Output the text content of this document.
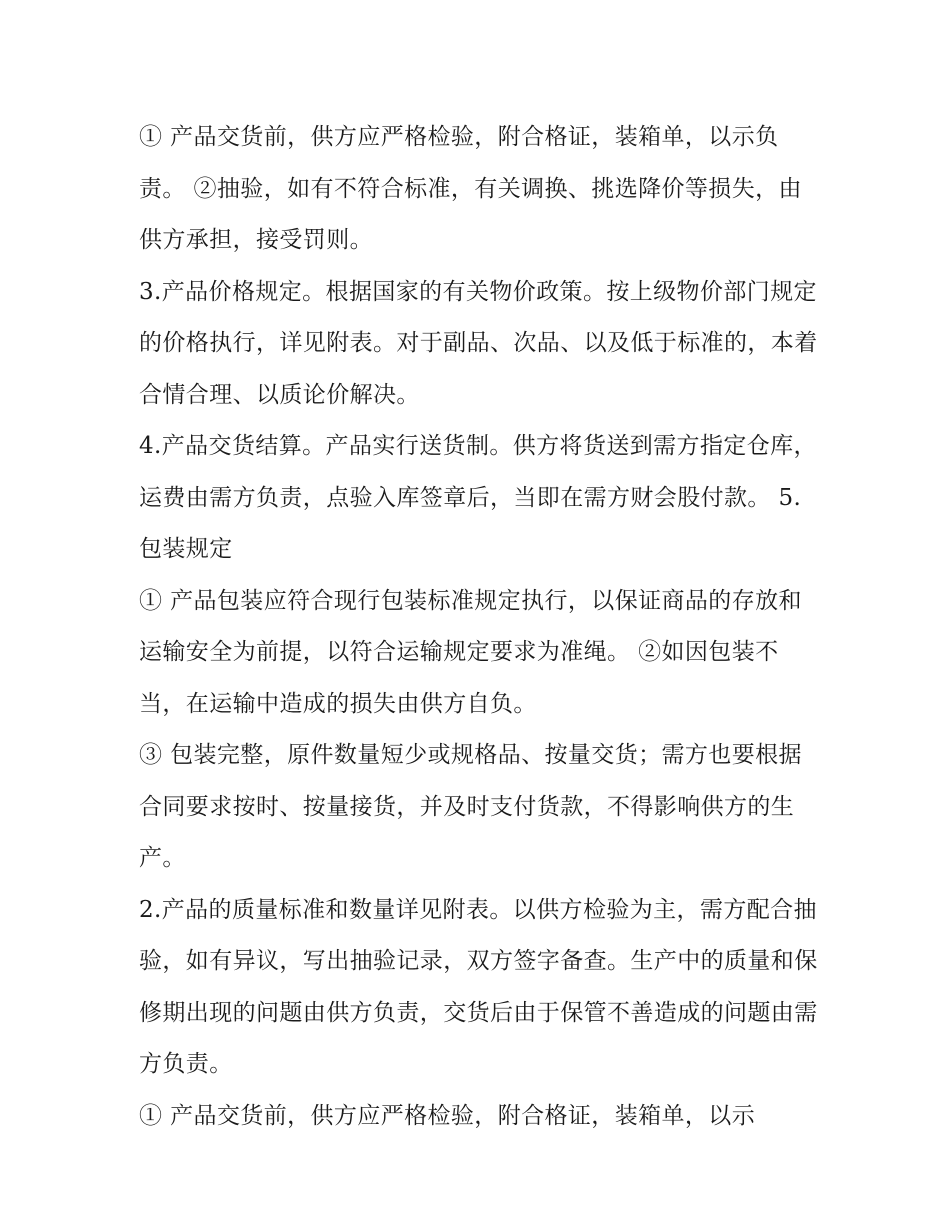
① 产品交货前，供方应严格检验，附合格证，装箱单，以示负责。 ②抽验，如有不符合标准，有关调换、挑选降价等损失，由供方承担，接受罚则。

3.产品价格规定。根据国家的有关物价政策。按上级物价部门规定的价格执行，详见附表。对于副品、次品、以及低于标准的，本着合情合理、以质论价解决。

4.产品交货结算。产品实行送货制。供方将货送到需方指定仓库，运费由需方负责，点验入库签章后，当即在需方财会股付款。 5.包装规定

① 产品包装应符合现行包装标准规定执行，以保证商品的存放和运输安全为前提，以符合运输规定要求为准绳。 ②如因包装不当，在运输中造成的损失由供方自负。

③ 包装完整，原件数量短少或规格品、按量交货；需方也要根据合同要求按时、按量接货，并及时支付货款，不得影响供方的生产。

2.产品的质量标准和数量详见附表。以供方检验为主，需方配合抽验，如有异议，写出抽验记录，双方签字备查。生产中的质量和保修期出现的问题由供方负责，交货后由于保管不善造成的问题由需方负责。

① 产品交货前，供方应严格检验，附合格证，装箱单，以示
